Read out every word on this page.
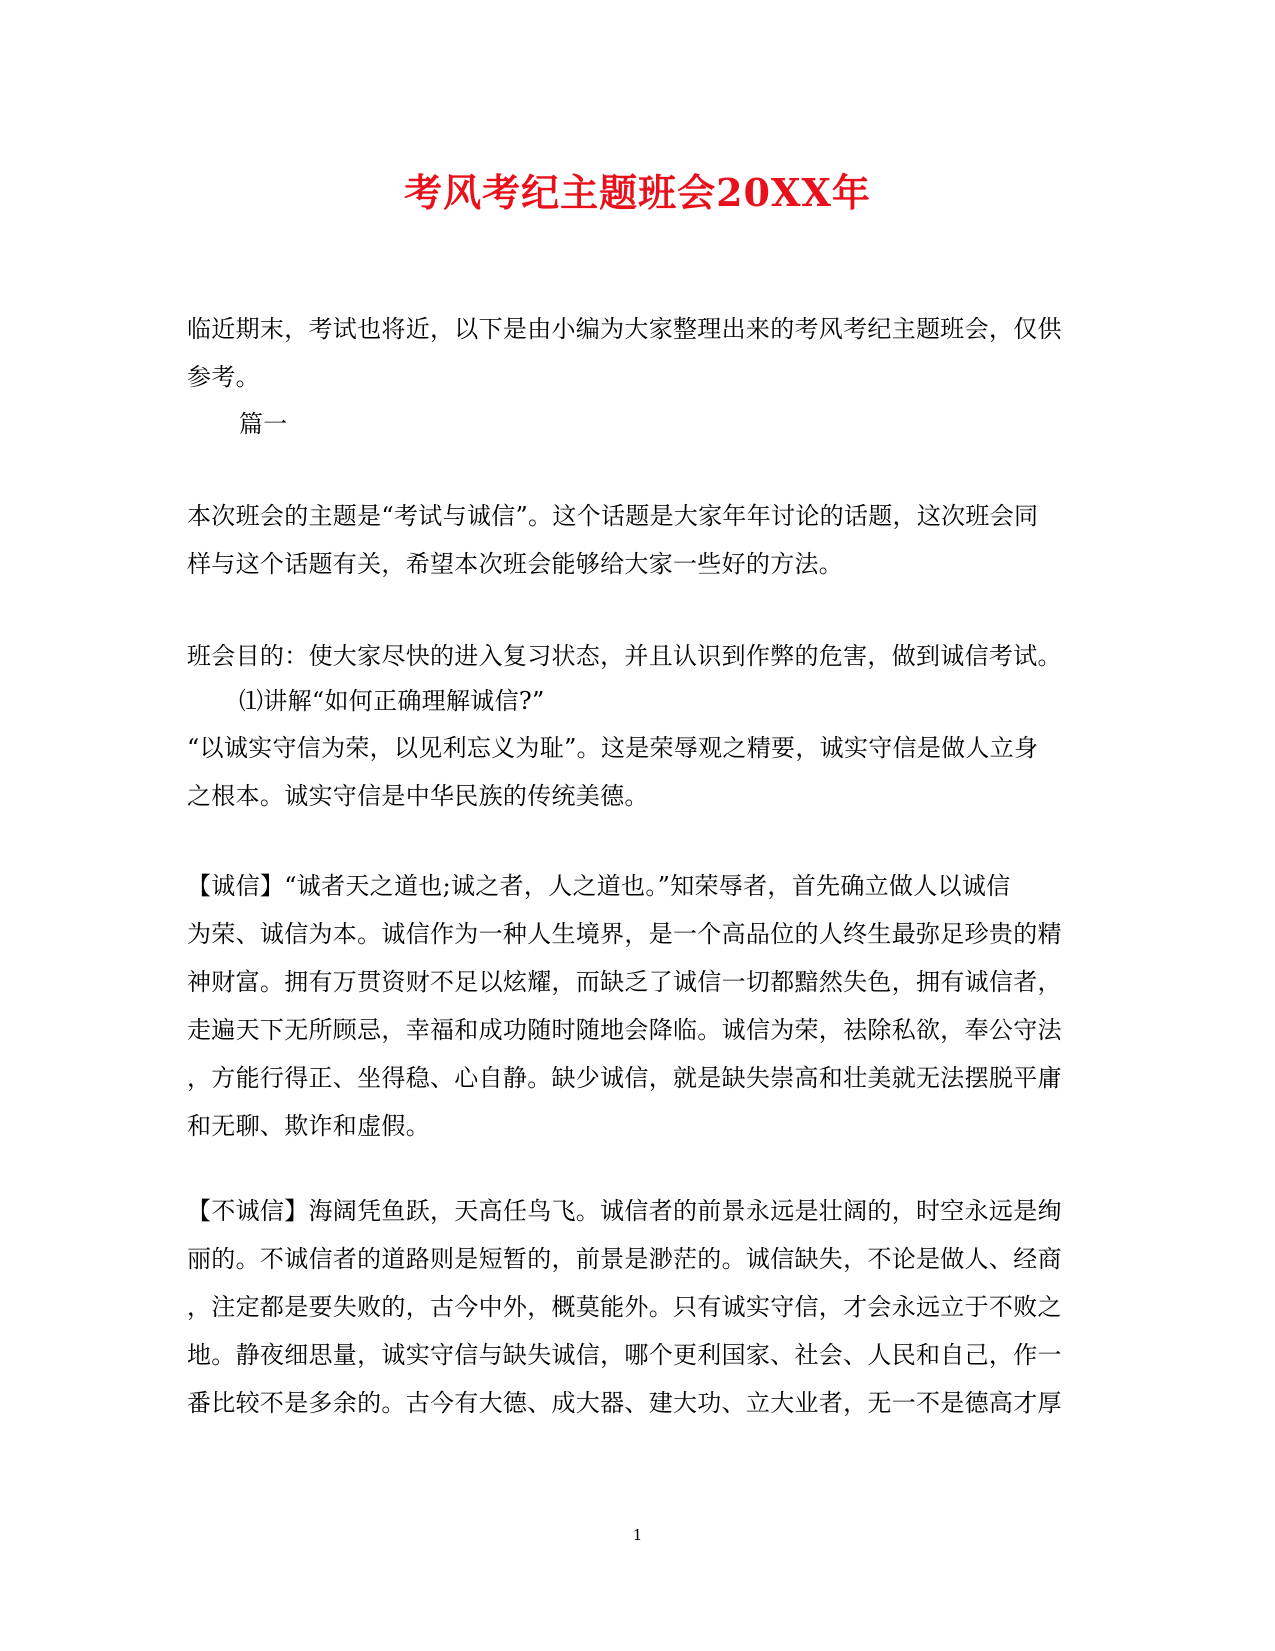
考风考纪主题班会20XX年
临近期末，考试也将近，以下是由小编为大家整理出来的考风考纪主题班会，仅供
参考。
篇一
本次班会的主题是“考试与诚信”。这个话题是大家年年讨论的话题，这次班会同
样与这个话题有关，希望本次班会能够给大家一些好的方法。
班会目的：使大家尽快的进入复习状态，并且认识到作弊的危害，做到诚信考试。
⑴讲解“如何正确理解诚信?”
“以诚实守信为荣，以见利忘义为耻”。这是荣辱观之精要，诚实守信是做人立身
之根本。诚实守信是中华民族的传统美德。
【诚信】“诚者天之道也;诚之者，人之道也。”知荣辱者，首先确立做人以诚信
为荣、诚信为本。诚信作为一种人生境界，是一个高品位的人终生最弥足珍贵的精
神财富。拥有万贯资财不足以炫耀，而缺乏了诚信一切都黯然失色，拥有诚信者，
走遍天下无所顾忌，幸福和成功随时随地会降临。诚信为荣，祛除私欲，奉公守法
，方能行得正、坐得稳、心自静。缺少诚信，就是缺失崇高和壮美就无法摆脱平庸
和无聊、欺诈和虚假。
【不诚信】海阔凭鱼跃，天高任鸟飞。诚信者的前景永远是壮阔的，时空永远是绚
丽的。不诚信者的道路则是短暂的，前景是渺茫的。诚信缺失，不论是做人、经商
，注定都是要失败的，古今中外，概莫能外。只有诚实守信，才会永远立于不败之
地。静夜细思量，诚实守信与缺失诚信，哪个更利国家、社会、人民和自己，作一
番比较不是多余的。古今有大德、成大器、建大功、立大业者，无一不是德高才厚
1
